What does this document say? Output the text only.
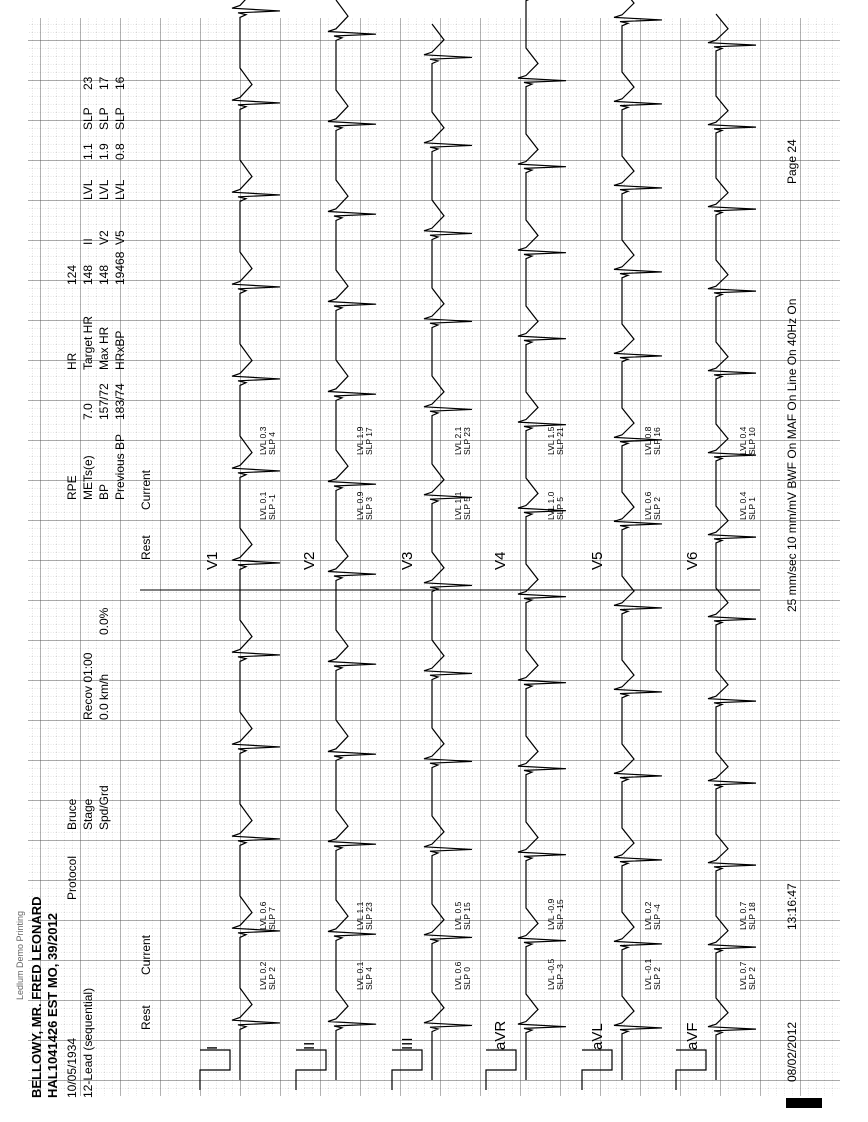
BELLOWY, MR. FRED LEONARD HAL1041426 EST MO, 39/2012 10/05/1934 12-Lead (sequential)
Ledlum Demo Printing
Protocol
Bruce Stage Spd/Grd
Recov 01:00 0.0 km/h
0.0%
RPE METs(e) BP Previous BP
7.0 157/72 183/74
HR Target HR Max HR HRxBP
124 148 148 19468
II V2 V5
LVL LVL LVL
1.1 1.9 0.8
SLP SLP SLP
23 17 16
Rest
Current
Rest
Current
I
LVL 0.2
SLP 2
LVL 0.6
SLP 7
II
LVL 0.1
SLP 4
LVL 1.1
SLP 23
III
LVL 0.6
SLP 0
LVL 0.5
SLP 15
aVR
LVL -0.5
SLP -3
LVL -0.9
SLP -15
aVL
LVL -0.1
SLP 2
LVL 0.2
SLP -4
aVF
LVL 0.7
SLP 2
LVL 0.7
SLP 18
V1
LVL 0.1
SLP -1
LVL 0.3
SLP 4
V2
LVL 0.9
SLP 3
LVL 1.9
SLP 17
V3
LVL 1.1
SLP 5
LVL 2.1
SLP 23
V4
LVL 1.0
SLP 5
LVL 1.5
SLP 21
V5
LVL 0.6
SLP 2
LVL 0.8
SLP 16
V6
LVL 0.4
SLP 1
LVL 0.4
SLP 10
08/02/2012
13:16:47
25 mm/sec 10 mm/mV BWF On MAF On Line On 40Hz On
Page 24
